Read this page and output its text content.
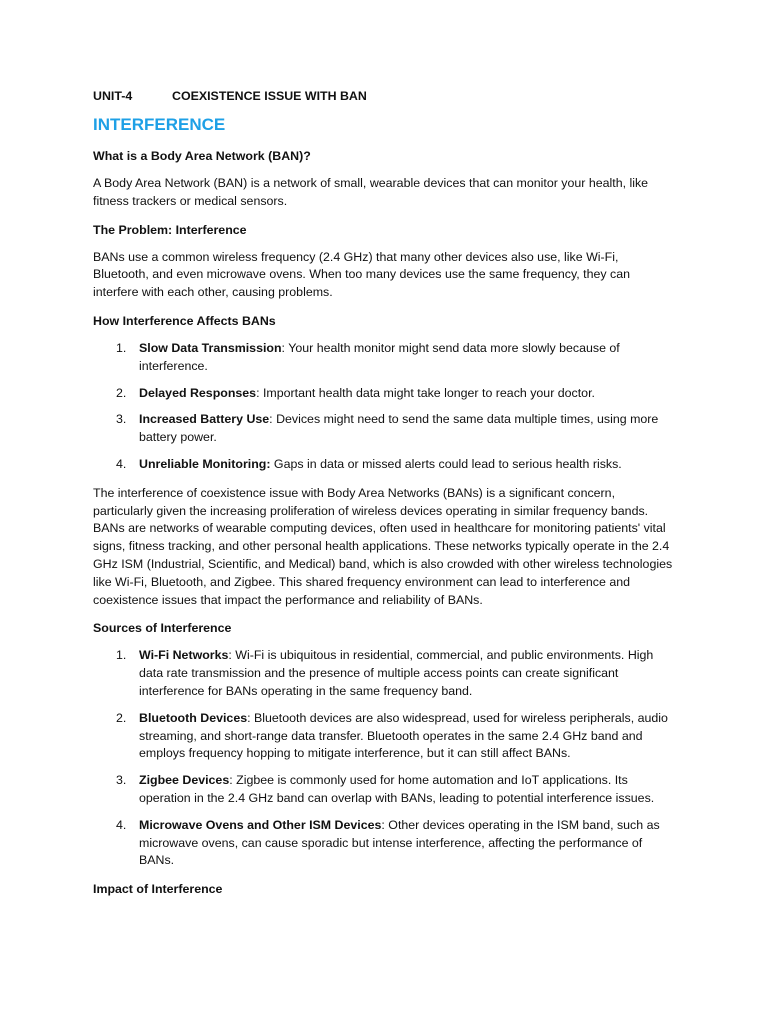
UNIT-4	COEXISTENCE ISSUE WITH BAN

INTERFERENCE
What is a Body Area Network (BAN)?

A Body Area Network (BAN) is a network of small, wearable devices that can monitor your health, like fitness trackers or medical sensors.

The Problem: Interference

BANs use a common wireless frequency (2.4 GHz) that many other devices also use, like Wi-Fi, Bluetooth, and even microwave ovens. When too many devices use the same frequency, they can interfere with each other, causing problems.

How Interference Affects BANs
1. Slow Data Transmission: Your health monitor might send data more slowly because of interference.
2. Delayed Responses: Important health data might take longer to reach your doctor.
3. Increased Battery Use: Devices might need to send the same data multiple times, using more battery power.
4. Unreliable Monitoring: Gaps in data or missed alerts could lead to serious health risks.

The interference of coexistence issue with Body Area Networks (BANs) is a significant concern, particularly given the increasing proliferation of wireless devices operating in similar frequency bands. BANs are networks of wearable computing devices, often used in healthcare for monitoring patients' vital signs, fitness tracking, and other personal health applications. These networks typically operate in the 2.4 GHz ISM (Industrial, Scientific, and Medical) band, which is also crowded with other wireless technologies like Wi-Fi, Bluetooth, and Zigbee. This shared frequency environment can lead to interference and coexistence issues that impact the performance and reliability of BANs.

Sources of Interference
1. Wi-Fi Networks: Wi-Fi is ubiquitous in residential, commercial, and public environments. High data rate transmission and the presence of multiple access points can create significant interference for BANs operating in the same frequency band.
2. Bluetooth Devices: Bluetooth devices are also widespread, used for wireless peripherals, audio streaming, and short-range data transfer. Bluetooth operates in the same 2.4 GHz band and employs frequency hopping to mitigate interference, but it can still affect BANs.
3. Zigbee Devices: Zigbee is commonly used for home automation and IoT applications. Its operation in the 2.4 GHz band can overlap with BANs, leading to potential interference issues.
4. Microwave Ovens and Other ISM Devices: Other devices operating in the ISM band, such as microwave ovens, can cause sporadic but intense interference, affecting the performance of BANs.
Impact of Interference
